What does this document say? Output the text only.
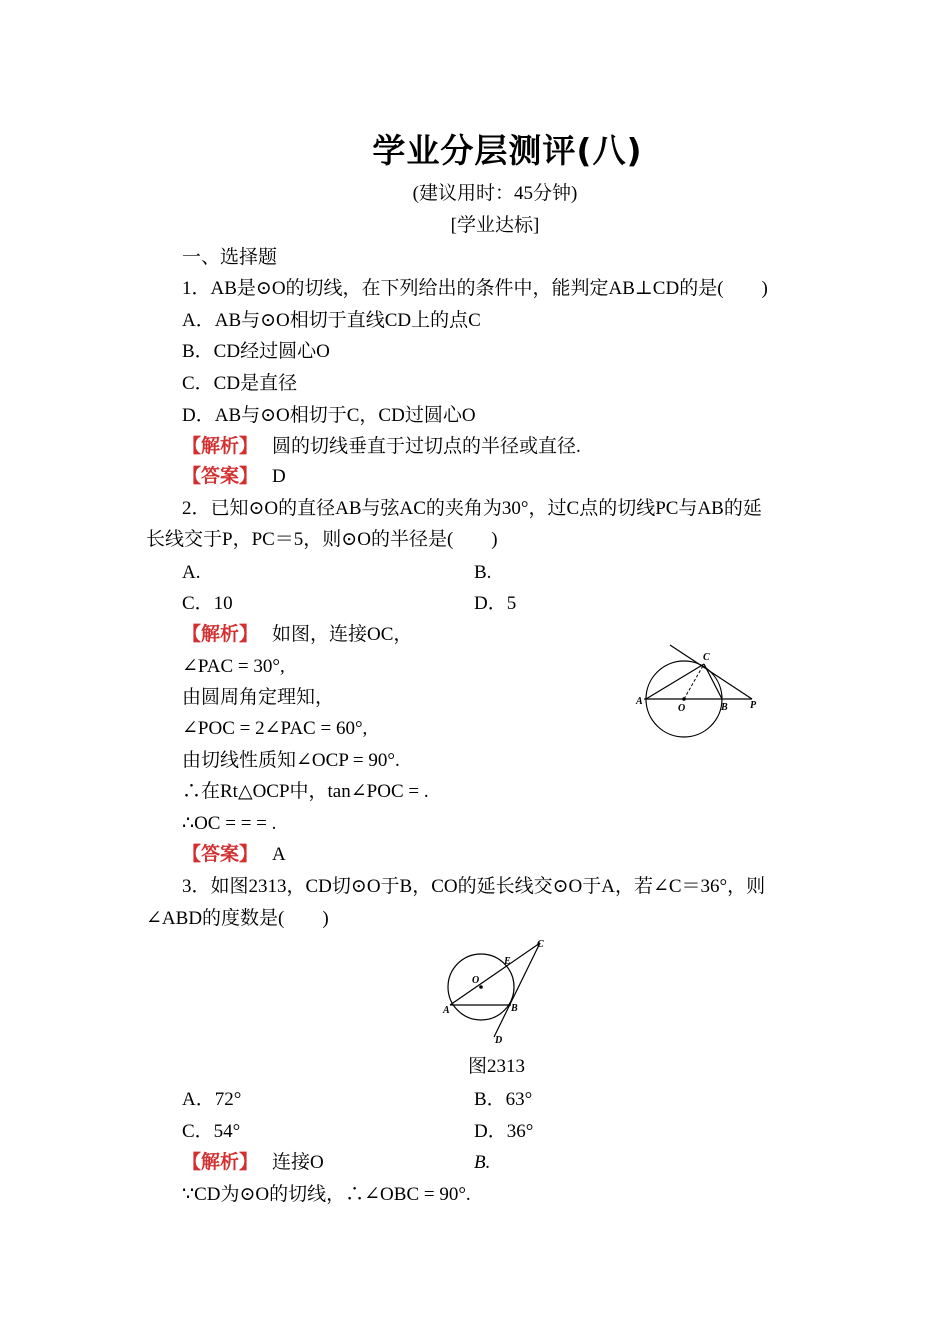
学业分层测评(八)
(建议用时：45分钟)
[学业达标]
一、选择题
1．AB是⊙O的切线，在下列给出的条件中，能判定AB⊥CD的是(　　)
A．AB与⊙O相切于直线CD上的点C
B．CD经过圆心O
C．CD是直径
D．AB与⊙O相切于C，CD过圆心O
【解析】 圆的切线垂直于过切点的半径或直径.
【答案】 D
2．已知⊙O的直径AB与弦AC的夹角为30°，过C点的切线PC与AB的延
长线交于P，PC＝5，则⊙O的半径是(　　)
A.	B.
C．10	D．5
【解析】 如图，连接OC，
∠PAC = 30°,
由圆周角定理知，
∠POC = 2∠PAC = 60°,
由切线性质知∠OCP = 90°.
∴在Rt△OCP中，tan∠POC = .
∴OC = = = .
【答案】 A
A
O	B P
C
3．如图2313，CD切⊙O于B，CO的延长线交⊙O于A，若∠C＝36°，则
∠ABD的度数是(　　)
A
O
B
C
D
E
图2313
A．72°	B．63°
C．54°	D．36°
【解析】 连接O	B.
∵CD为⊙O的切线，∴∠OBC = 90°.
